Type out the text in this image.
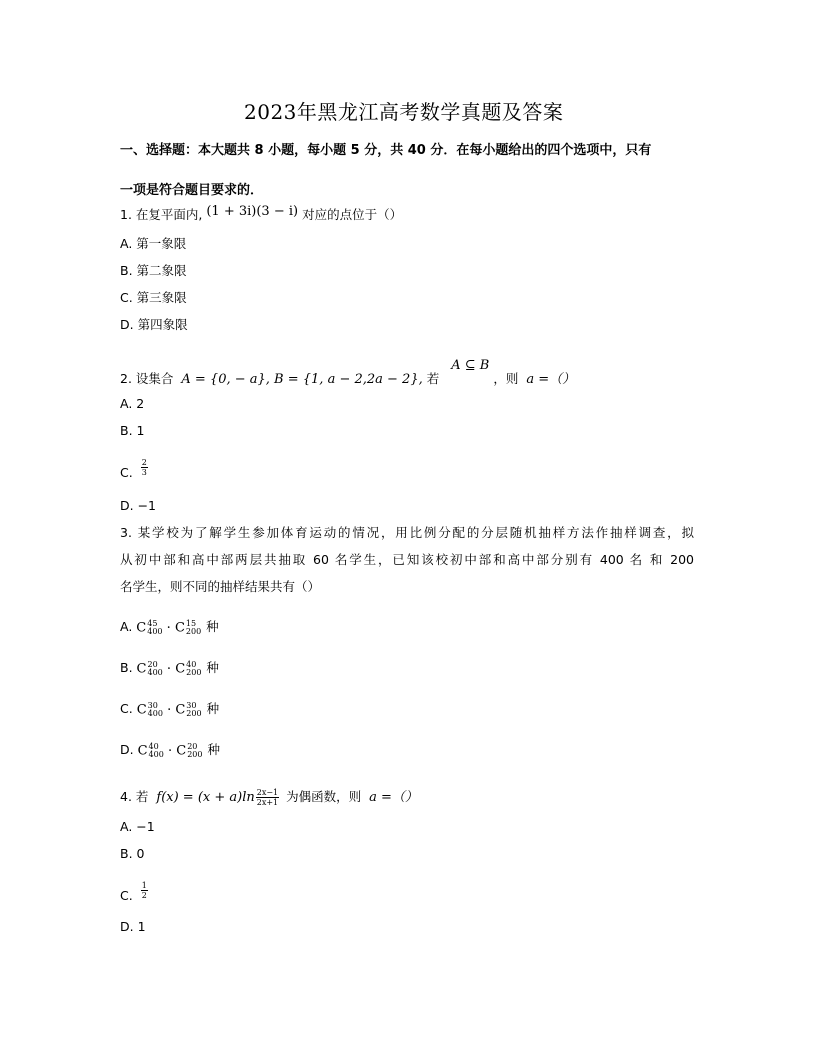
2023年黑龙江高考数学真题及答案
一、选择题：本大题共 8 小题，每小题 5 分，共 40 分．在每小题给出的四个选项中，只有
一项是符合题目要求的．
1. 在复平面内, (1 + 3i)(3 − i) 对应的点位于（）
A. 第一象限
B. 第二象限
C. 第三象限
D. 第四象限
2. 设集合 A = {0, − a}, B = {1, a − 2,2a − 2}, 若 A ⊆ B ，则 a =（）
A. 2
B. 1
C. $\frac{2}{3}$
D. −1
3. 某学校为了解学生参加体育运动的情况，用比例分配的分层随机抽样方法作抽样调查，拟
从初中部和高中部两层共抽取 60 名学生，已知该校初中部和高中部分别有 400 名 和 200
名学生，则不同的抽样结果共有（）
A. C 45
400 · C 15
200 种
B. C 20
400 · C 40
200 种
C. C 30
400 · C 30
200 种
D. C 40
400 · C 20
200 种
4. 若 $f(x) = (x + a)\ln \frac{2x-1}{2x+1}$ 为偶函数，则 a =（）
A. −1
B. 0
C. $\frac{1}{2}$
D. 1
